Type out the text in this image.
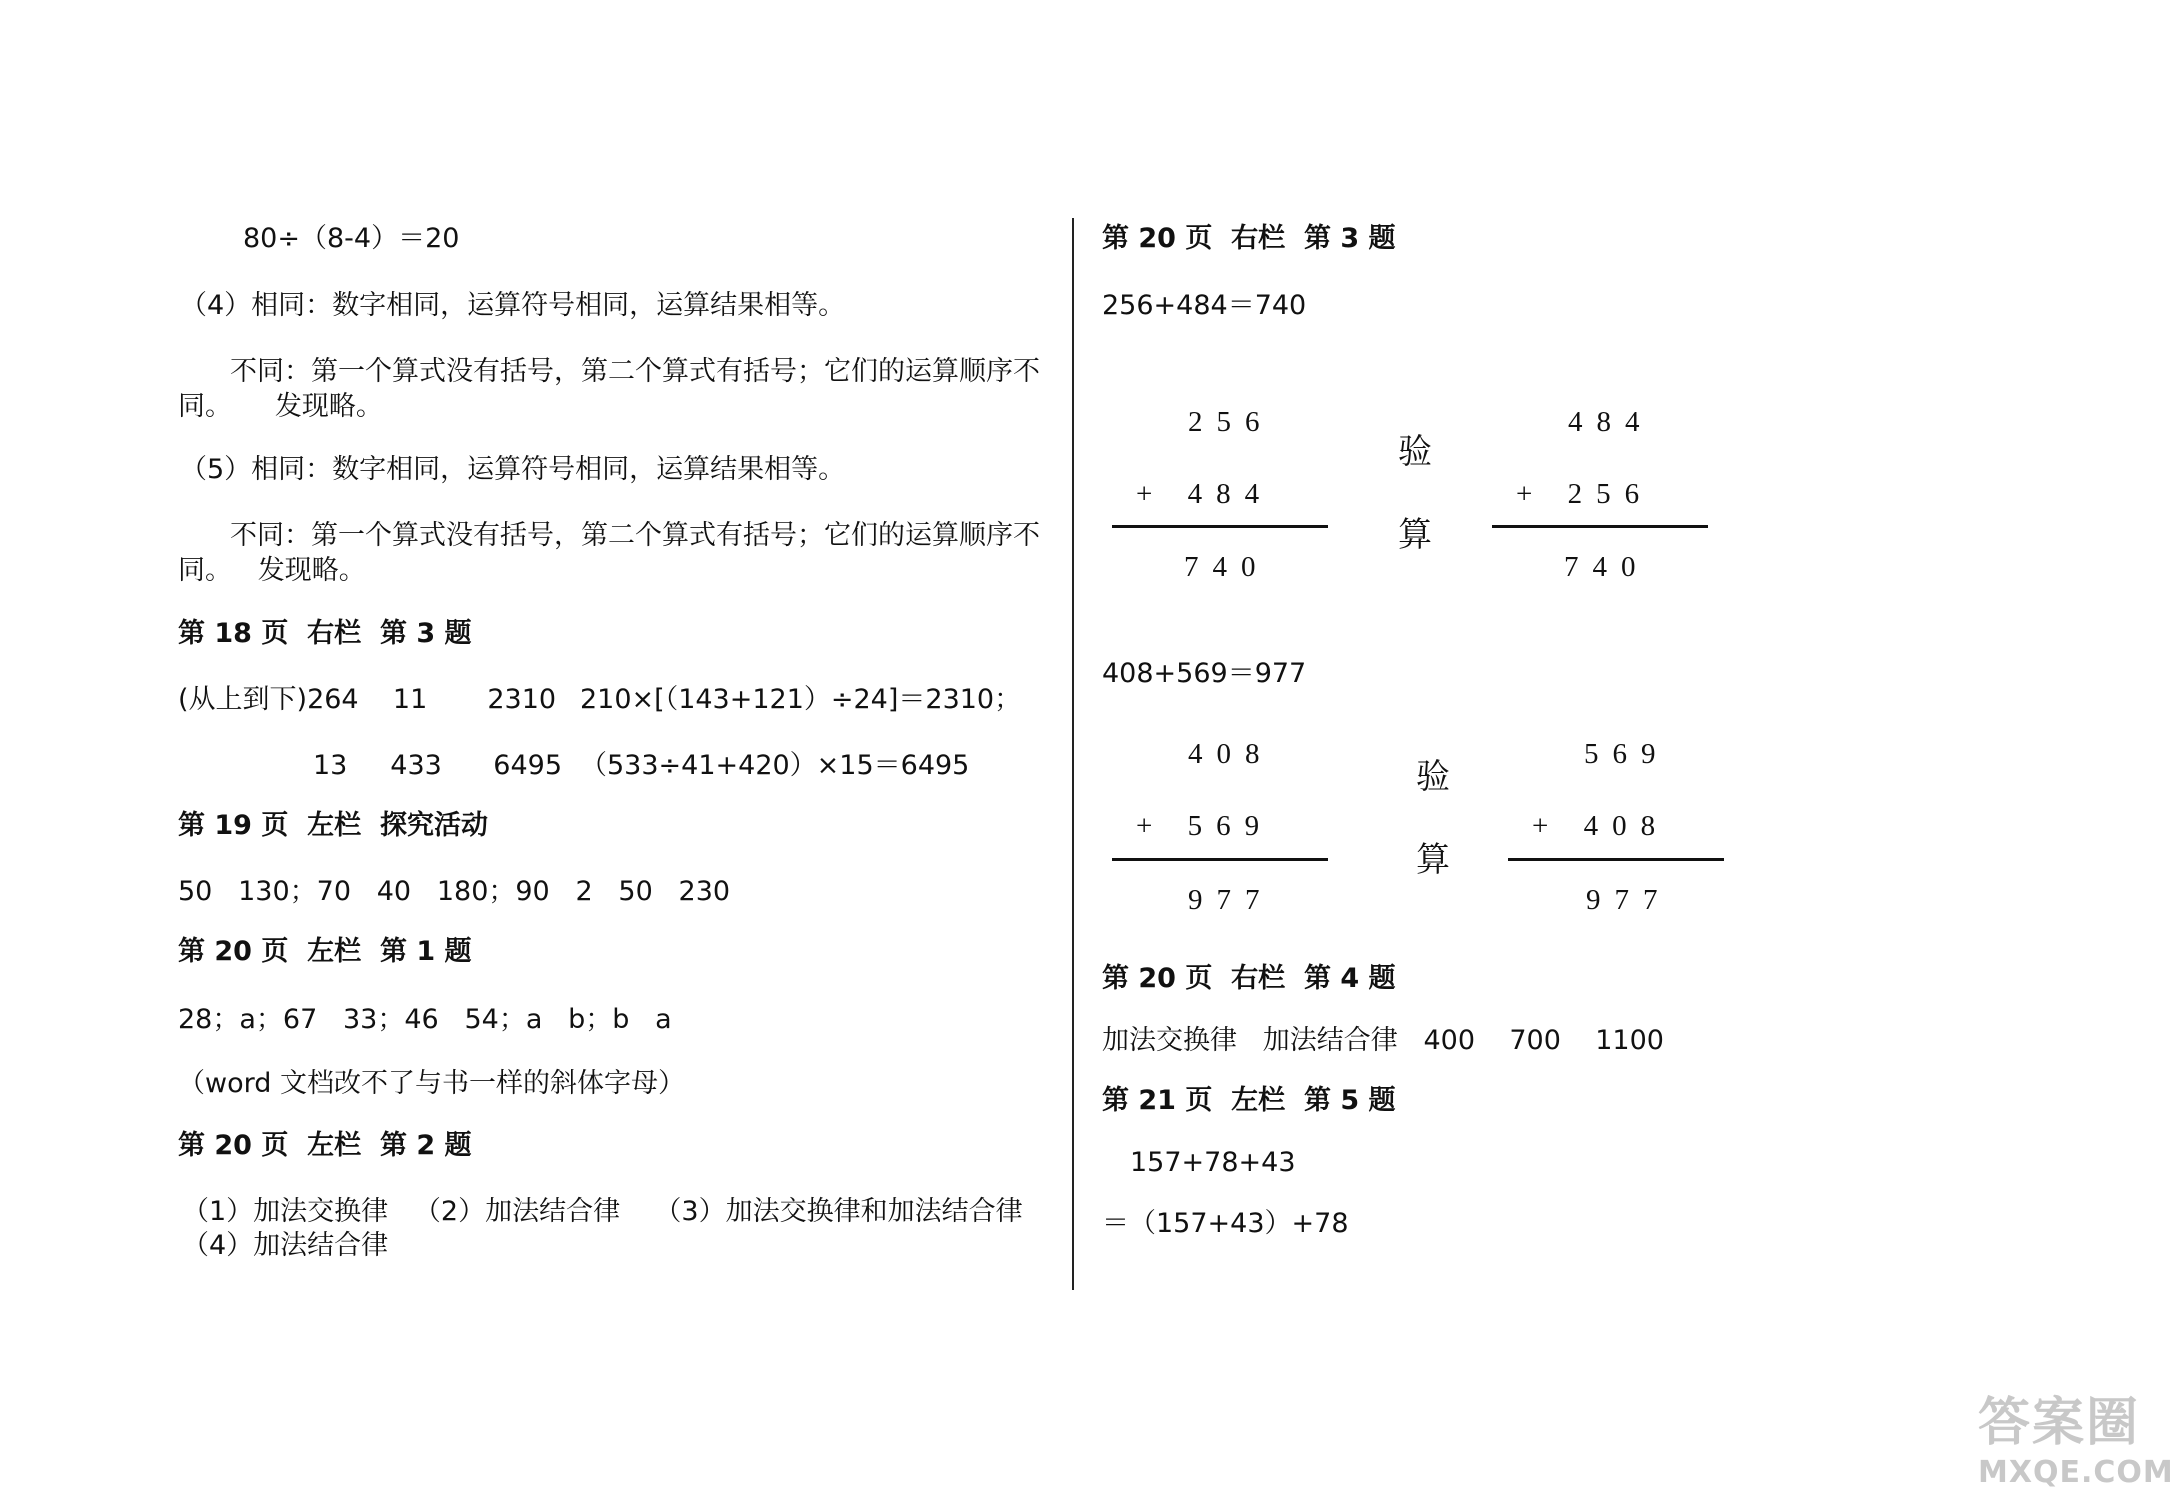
80÷（8-4）＝20
（4）相同：数字相同，运算符号相同，运算结果相等。
不同：第一个算式没有括号，第二个算式有括号；它们的运算顺序不
同。     发现略。
（5）相同：数字相同，运算符号相同，运算结果相等。
不同：第一个算式没有括号，第二个算式有括号；它们的运算顺序不
同。   发现略。
第 18 页  右栏  第 3 题
(从上到下)264    11       2310 210×[（143+121）÷24]＝2310；
13     433      6495 （533÷41+420）×15＝6495
第 19 页  左栏  探究活动
50   130；70   40   180；90   2   50   230
第 20 页  左栏  第 1 题
28；a；67   33；46   54；a   b；b   a
（word 文档改不了与书一样的斜体字母）
第 20 页  左栏  第 2 题
（1）加法交换律   （2）加法结合律    （3）加法交换律和加法结合律
（4）加法结合律
第 20 页  右栏  第 3 题
256+484＝740
256
+ 484
740
验
算
484
+ 256
740
408+569＝977
408
+ 569
977
验
算
569
+ 408
977
第 20 页  右栏  第 4 题
加法交换律   加法结合律   400    700    1100
第 21 页  左栏  第 5 题
157+78+43
＝（157+43）+78
答案圈
MXQE.COM
